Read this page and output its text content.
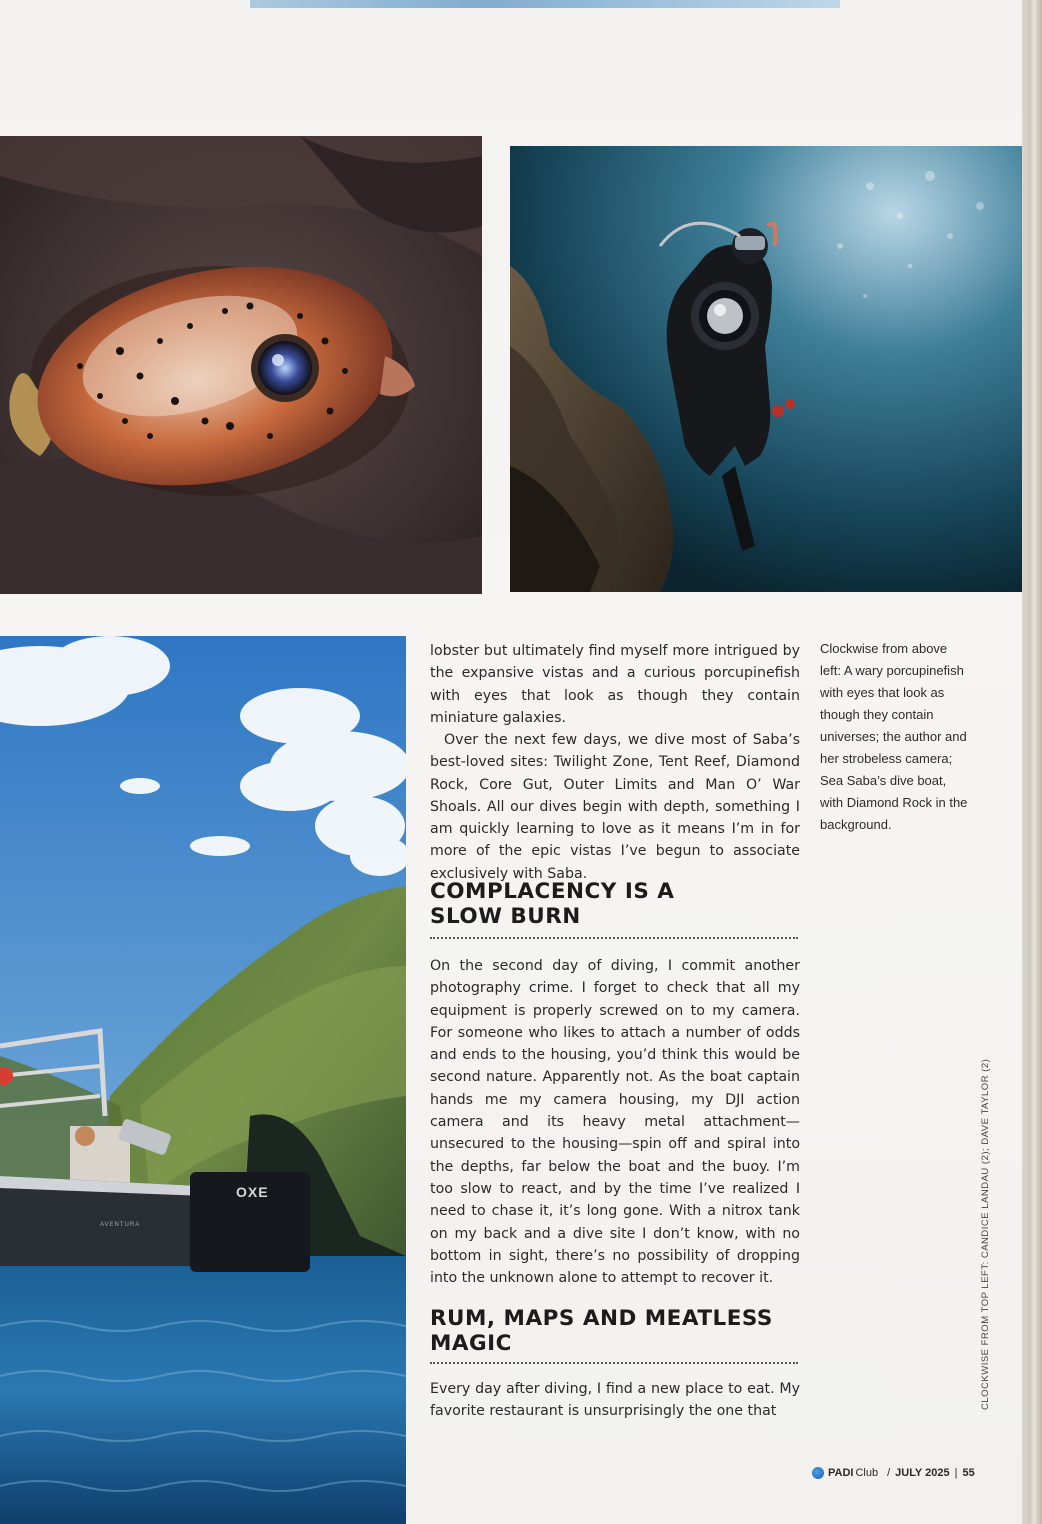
OXE
AVENTURA

lobster but ultimately find myself more intrigued by the expansive vistas and a curious porcupinefish with eyes that look as though they contain miniature galaxies.

Over the next few days, we dive most of Saba’s best-loved sites: Twilight Zone, Tent Reef, Diamond Rock, Core Gut, Outer Limits and Man O’ War Shoals. All our dives begin with depth, something I am quickly learning to love as it means I’m in for more of the epic vistas I’ve begun to associate exclusively with Saba.

COMPLACENCY IS A
SLOW BURN

On the second day of diving, I commit another photography crime. I forget to check that all my equipment is properly screwed on to my camera. For someone who likes to attach a number of odds and ends to the housing, you’d think this would be second nature. Apparently not. As the boat captain hands me my camera housing, my DJI action camera and its heavy metal attachment—unsecured to the housing—spin off and spiral into the depths, far below the boat and the buoy. I’m too slow to react, and by the time I’ve realized I need to chase it, it’s long gone. With a nitrox tank on my back and a dive site I don’t know, with no bottom in sight, there’s no possibility of dropping into the unknown alone to attempt to recover it.

RUM, MAPS AND MEATLESS
MAGIC

Every day after diving, I find a new place to eat. My favorite restaurant is unsurprisingly the one that

Clockwise from above left: A wary porcupinefish with eyes that look as though they contain universes; the author and her strobeless camera; Sea Saba’s dive boat, with Diamond Rock in the background.

CLOCKWISE FROM TOP LEFT: CANDICE LANDAU (2); DAVE TAYLOR (2)
PADI Club / JULY 2025 | 55
